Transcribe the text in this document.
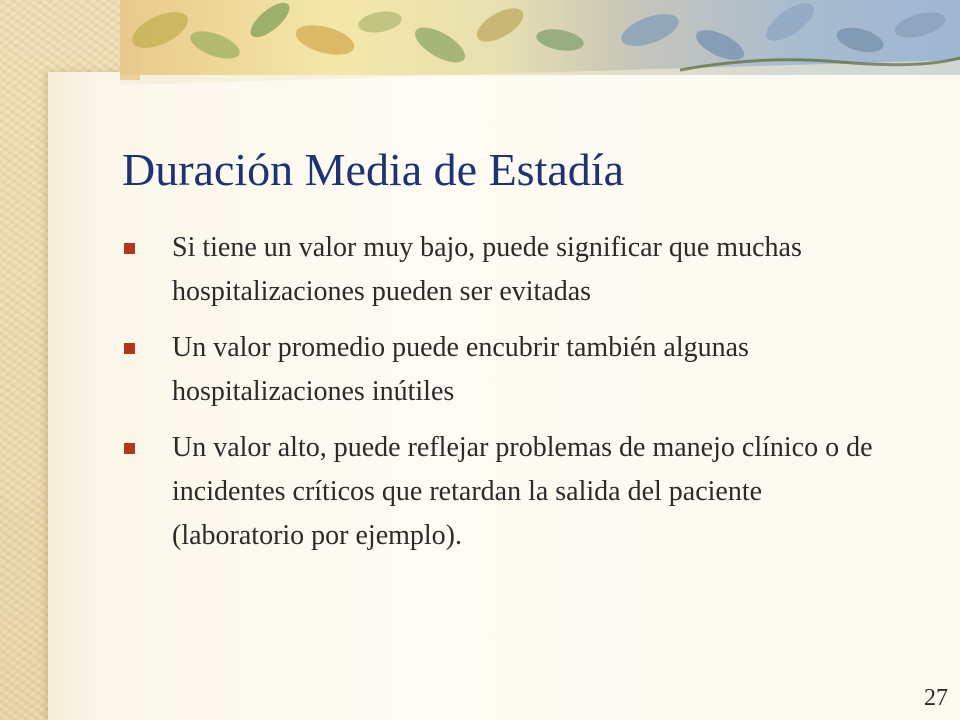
Duración Media de Estadía
Si tiene un valor muy bajo, puede significar que muchas hospitalizaciones pueden ser evitadas
Un valor promedio puede encubrir también algunas hospitalizaciones inútiles
Un valor alto, puede reflejar problemas de manejo clínico o de incidentes críticos que retardan la salida del paciente (laboratorio por ejemplo).
27
